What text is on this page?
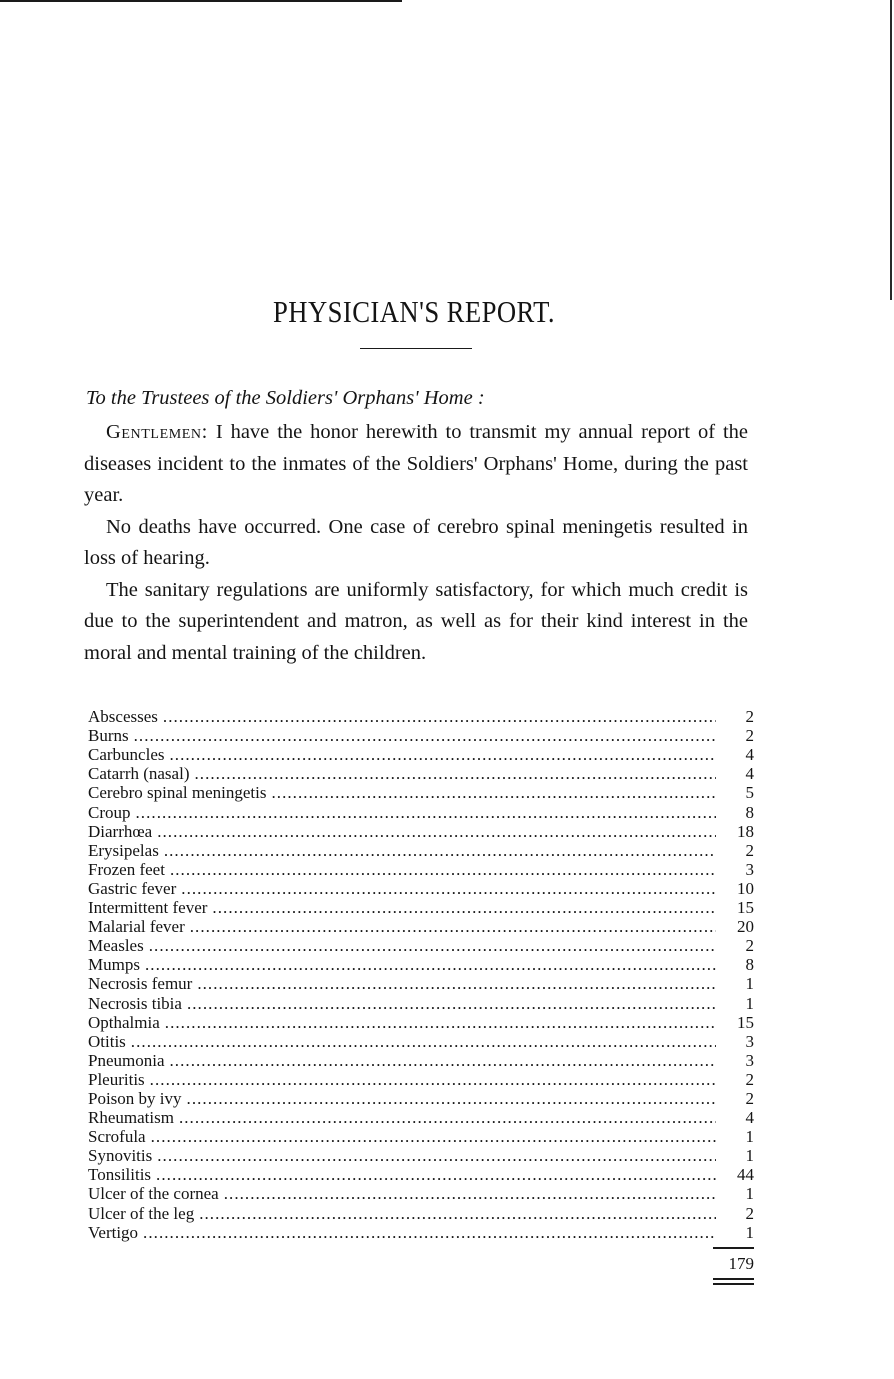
PHYSICIAN'S REPORT.
To the Trustees of the Soldiers' Orphans' Home :

Gentlemen: I have the honor herewith to transmit my annual report of the diseases incident to the inmates of the Soldiers' Orphans' Home, during the past year.

No deaths have occurred. One case of cerebro spinal meningetis resulted in loss of hearing.

The sanitary regulations are uniformly satisfactory, for which much credit is due to the superintendent and matron, as well as for their kind interest in the moral and mental training of the children.

Abscesses .....	2
Burns .....	2
Carbuncles .....	4
Catarrh (nasal) .....	4
Cerebro spinal meningetis .....	5
Croup .....	8
Diarrhœa .....	18
Erysipelas .....	2
Frozen feet .....	3
Gastric fever .....	10
Intermittent fever .....	15
Malarial fever .....	20
Measles .....	2
Mumps .....	8
Necrosis femur .....	1
Necrosis tibia .....	1
Opthalmia .....	15
Otitis .....	3
Pneumonia .....	3
Pleuritis .....	2
Poison by ivy .....	2
Rheumatism .....	4
Scrofula .....	1
Synovitis .....	1
Tonsilitis .....	44
Ulcer of the cornea .....	1
Ulcer of the leg .....	2
Vertigo .....	1
179
